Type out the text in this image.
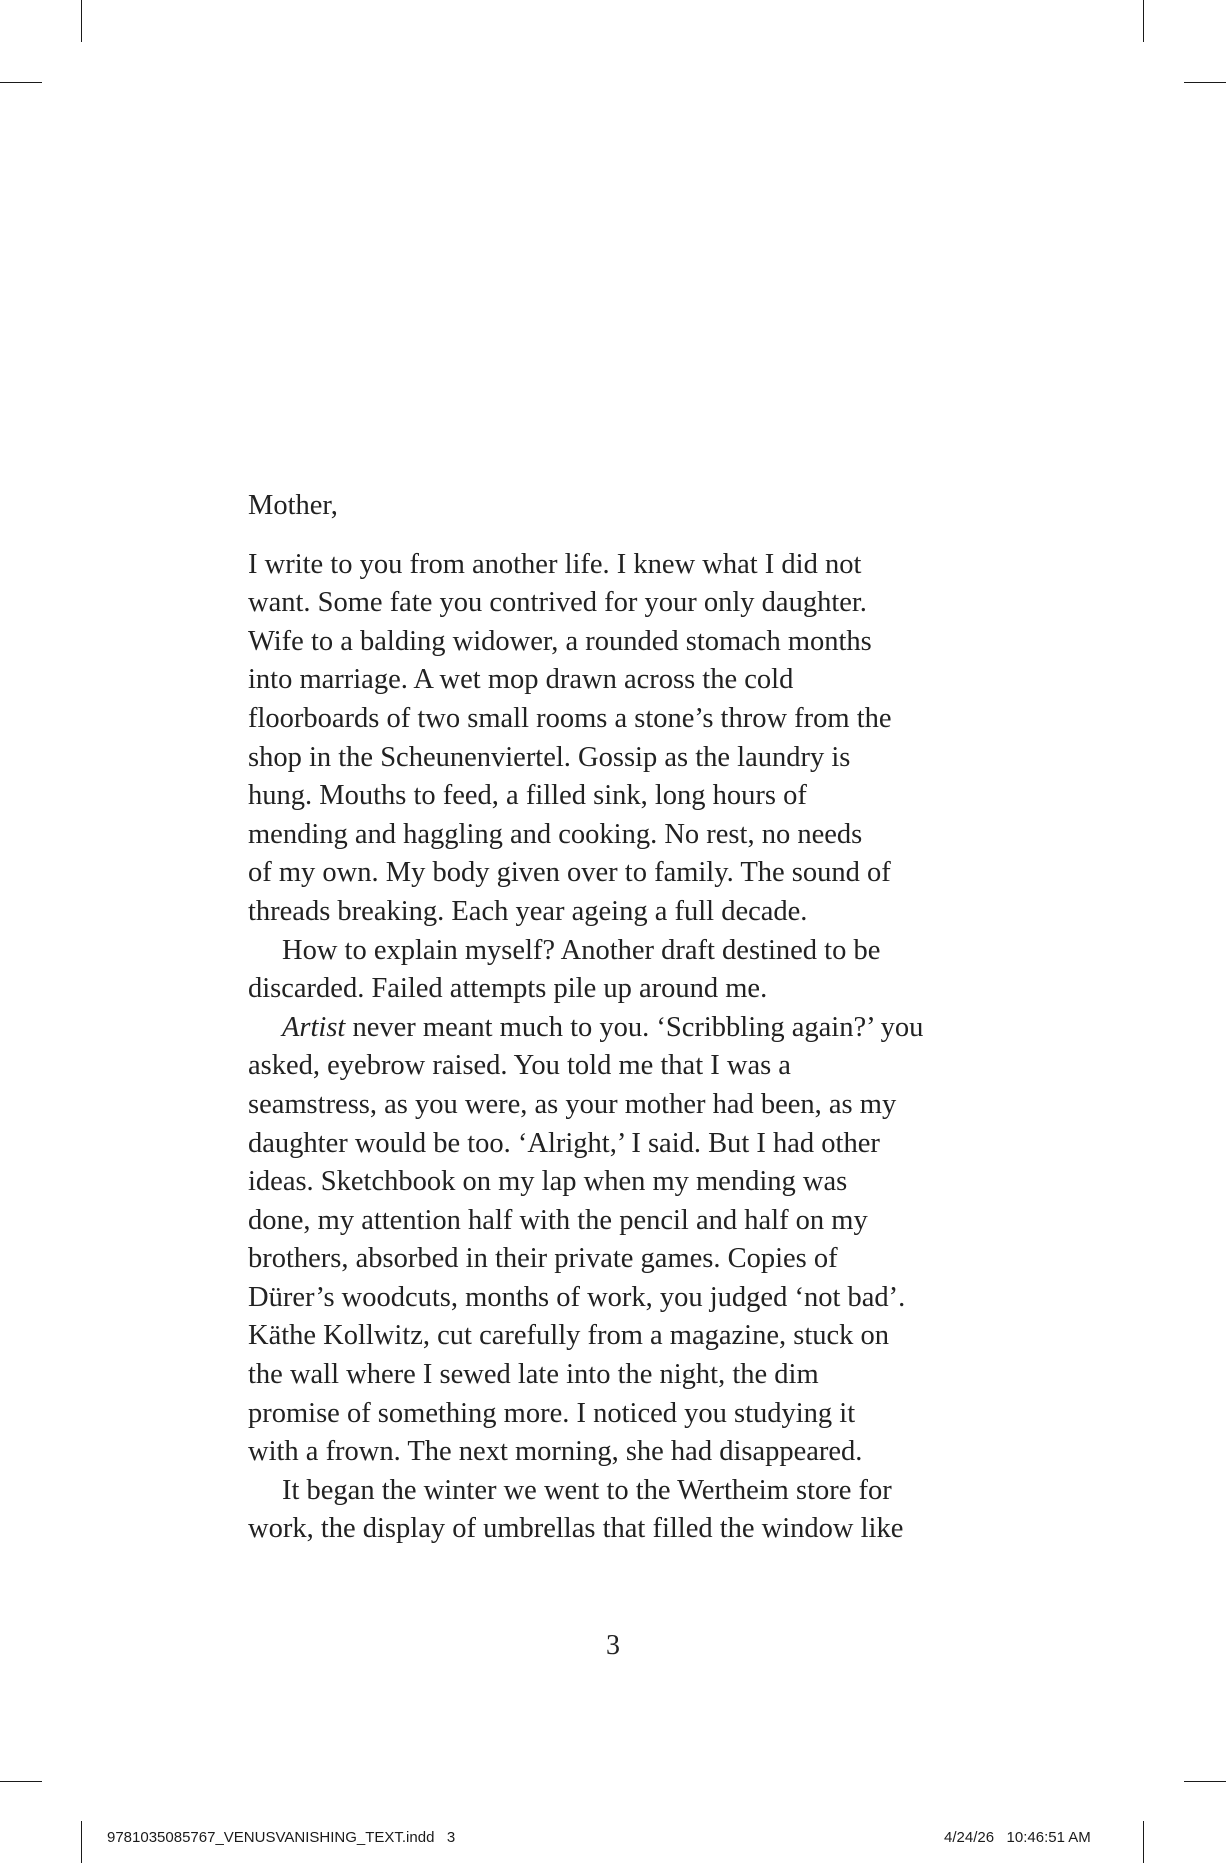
Mother,

I write to you from another life. I knew what I did not
want. Some fate you contrived for your only daughter.
Wife to a balding widower, a rounded stomach months
into marriage. A wet mop drawn across the cold
floorboards of two small rooms a stone’s throw from the
shop in the Scheunenviertel. Gossip as the laundry is
hung. Mouths to feed, a filled sink, long hours of
mending and haggling and cooking. No rest, no needs
of my own. My body given over to family. The sound of
threads breaking. Each year ageing a full decade.

How to explain myself? Another draft destined to be
discarded. Failed attempts pile up around me.

Artist never meant much to you. ‘Scribbling again?’ you
asked, eyebrow raised. You told me that I was a
seamstress, as you were, as your mother had been, as my
daughter would be too. ‘Alright,’ I said. But I had other
ideas. Sketchbook on my lap when my mending was
done, my attention half with the pencil and half on my
brothers, absorbed in their private games. Copies of
Dürer’s woodcuts, months of work, you judged ‘not bad’.
Käthe Kollwitz, cut carefully from a magazine, stuck on
the wall where I sewed late into the night, the dim
promise of something more. I noticed you studying it
with a frown. The next morning, she had disappeared.

It began the winter we went to the Wertheim store for
work, the display of umbrellas that filled the window like

3
9781035085767_VENUSVANISHING_TEXT.indd   3	4/24/26   10:46:51 AM
